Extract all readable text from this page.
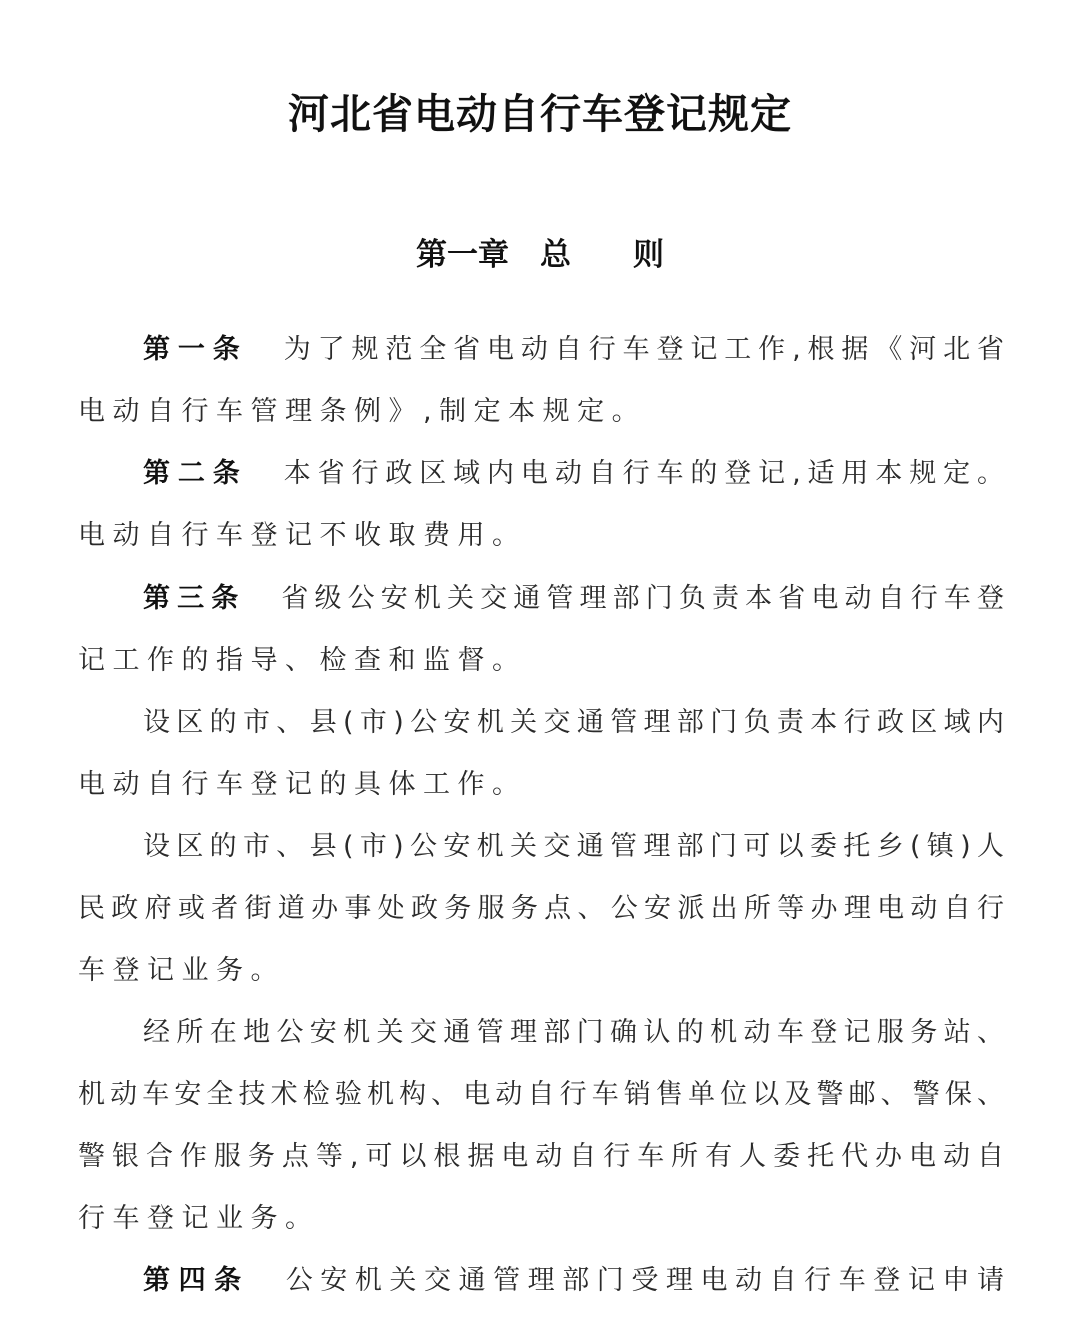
河北省电动自行车登记规定
第一章　总　　则
第一条 为了规范全省电动自行车登记工作,根据《河北省
电动自行车管理条例》,制定本规定。
第二条 本省行政区域内电动自行车的登记,适用本规定。
电动自行车登记不收取费用。
第三条 省级公安机关交通管理部门负责本省电动自行车登
记工作的指导、检查和监督。
设区的市、县(市)公安机关交通管理部门负责本行政区域内
电动自行车登记的具体工作。
设区的市、县(市)公安机关交通管理部门可以委托乡(镇)人
民政府或者街道办事处政务服务点、公安派出所等办理电动自行
车登记业务。
经所在地公安机关交通管理部门确认的机动车登记服务站、
机动车安全技术检验机构、电动自行车销售单位以及警邮、警保、
警银合作服务点等,可以根据电动自行车所有人委托代办电动自
行车登记业务。
第四条 公安机关交通管理部门受理电动自行车登记申请
